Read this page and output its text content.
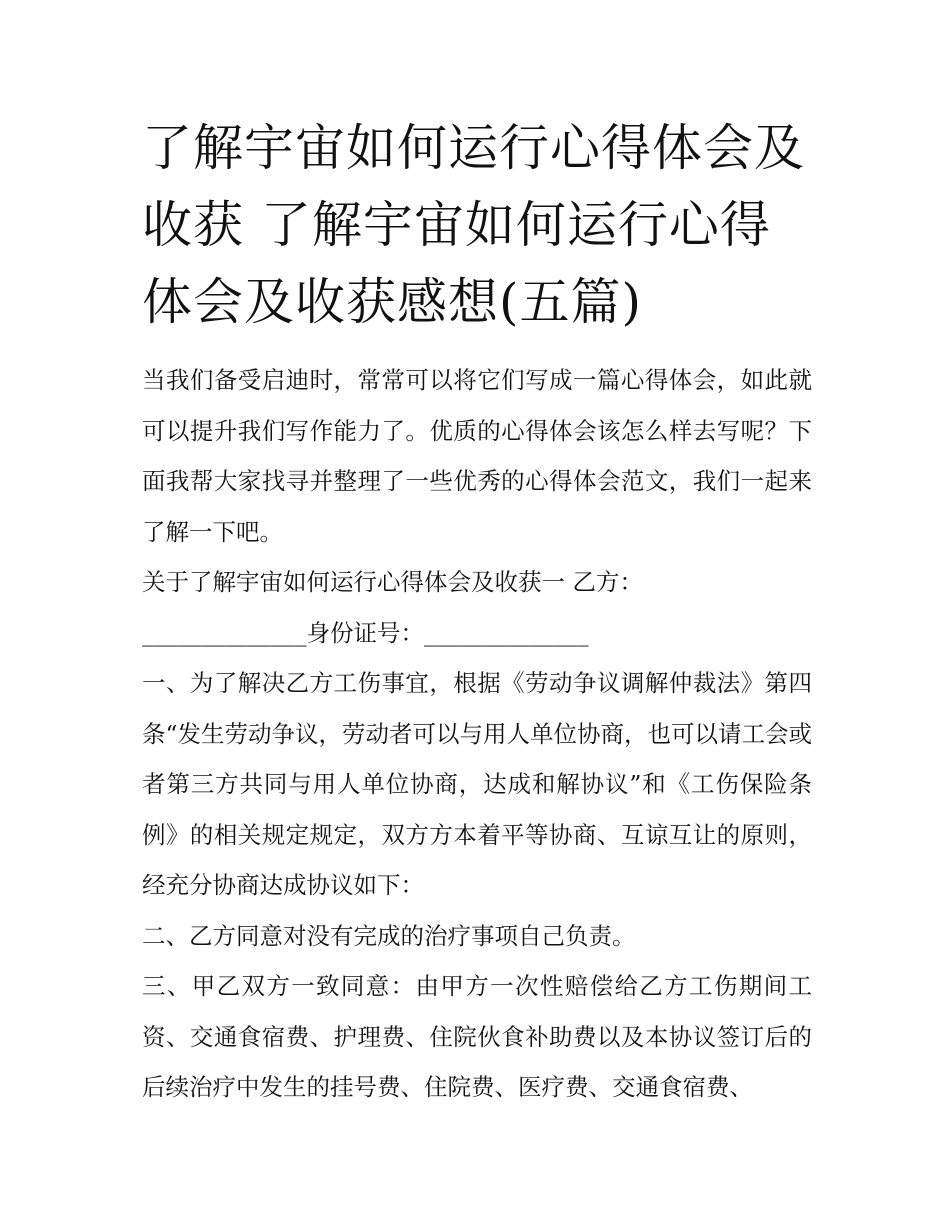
了解宇宙如何运行心得体会及收获 了解宇宙如何运行心得体会及收获感想(五篇)

当我们备受启迪时，常常可以将它们写成一篇心得体会，如此就可以提升我们写作能力了。优质的心得体会该怎么样去写呢？下面我帮大家找寻并整理了一些优秀的心得体会范文，我们一起来了解一下吧。

关于了解宇宙如何运行心得体会及收获一 乙方：

______________身份证号：______________

一、为了解决乙方工伤事宜，根据《劳动争议调解仲裁法》第四条“发生劳动争议，劳动者可以与用人单位协商，也可以请工会或者第三方共同与用人单位协商，达成和解协议”和《工伤保险条例》的相关规定规定，双方方本着平等协商、互谅互让的原则，经充分协商达成协议如下：

二、乙方同意对没有完成的治疗事项自己负责。

三、甲乙双方一致同意：由甲方一次性赔偿给乙方工伤期间工资、交通食宿费、护理费、住院伙食补助费以及本协议签订后的后续治疗中发生的挂号费、住院费、医疗费、交通食宿费、
